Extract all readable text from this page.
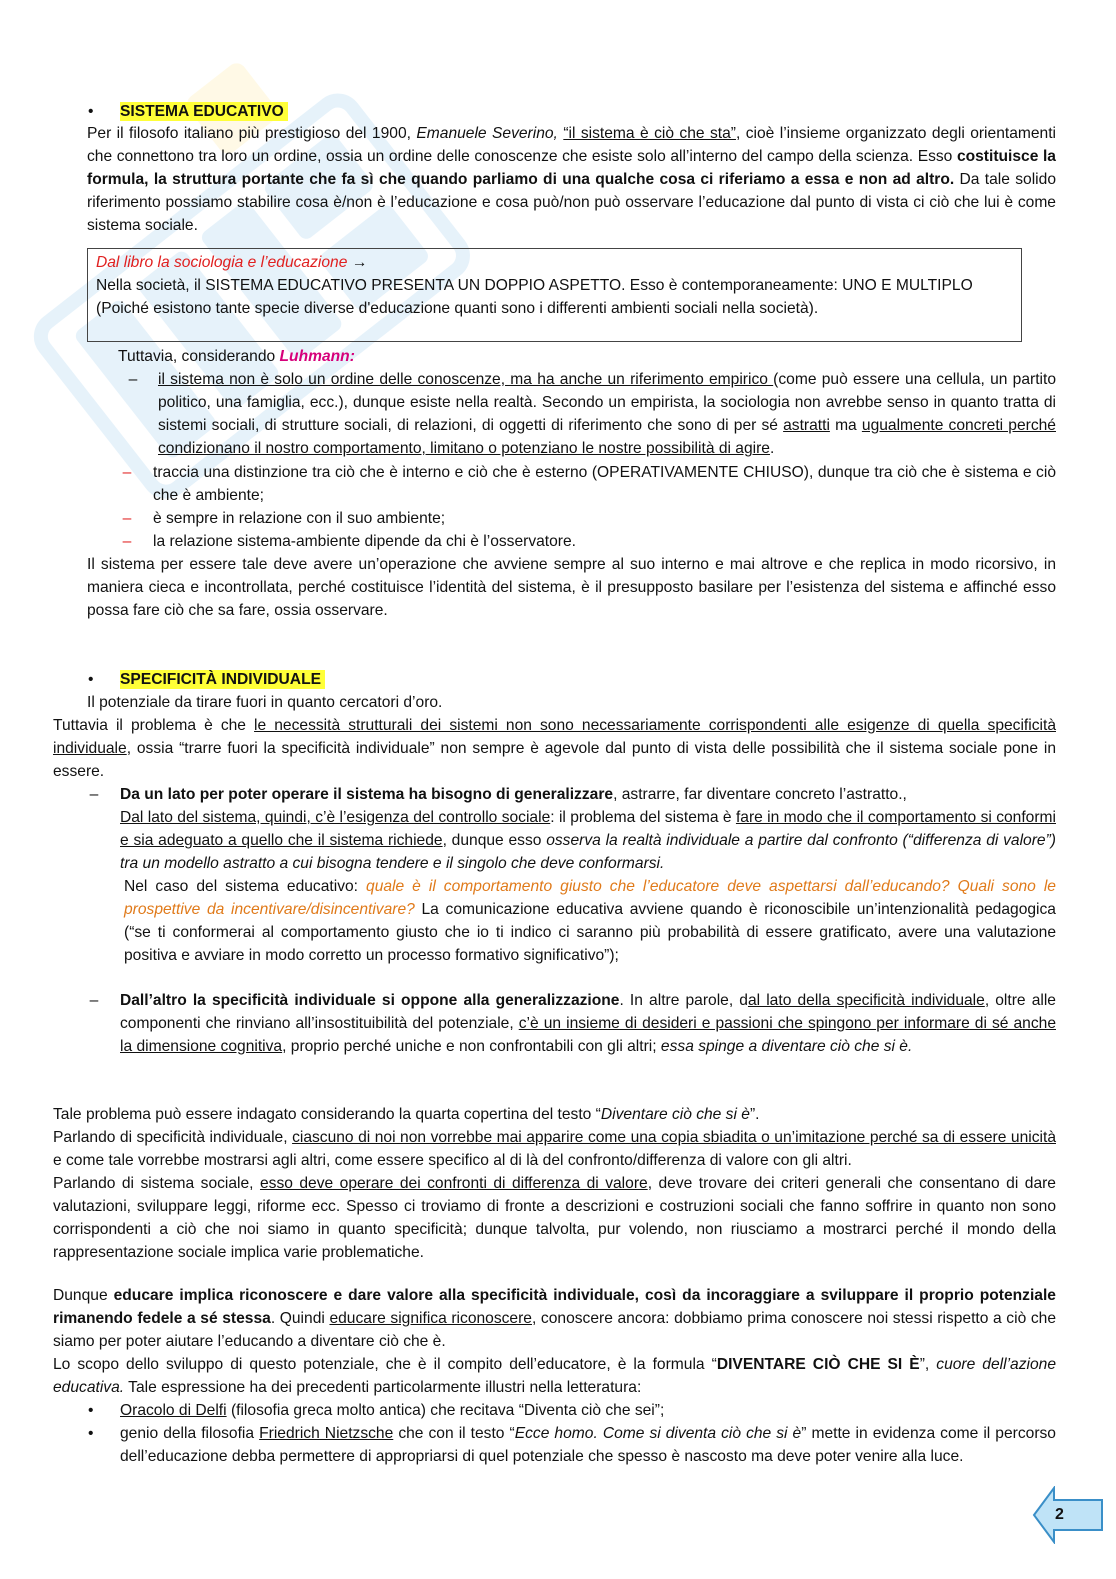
• SISTEMA EDUCATIVO
Per il filosofo italiano più prestigioso del 1900, Emanuele Severino, “il sistema è ciò che sta”, cioè l’insieme organizzato degli orientamenti che connettono tra loro un ordine, ossia un ordine delle conoscenze che esiste solo all’interno del campo della scienza. Esso costituisce la formula, la struttura portante che fa sì che quando parliamo di una qualche cosa ci riferiamo a essa e non ad altro. Da tale solido riferimento possiamo stabilire cosa è/non è l’educazione e cosa può/non può osservare l’educazione dal punto di vista ci ciò che lui è come sistema sociale.
Dal libro la sociologia e l’educazione →
Nella società, il SISTEMA EDUCATIVO PRESENTA UN DOPPIO ASPETTO. Esso è contemporaneamente: UNO E MULTIPLO
(Poiché esistono tante specie diverse d'educazione quanti sono i differenti ambienti sociali nella società).
Tuttavia, considerando Luhmann:
– il sistema non è solo un ordine delle conoscenze, ma ha anche un riferimento empirico (come può essere una cellula, un partito politico, una famiglia, ecc.), dunque esiste nella realtà. Secondo un empirista, la sociologia non avrebbe senso in quanto tratta di sistemi sociali, di strutture sociali, di relazioni, di oggetti di riferimento che sono di per sé astratti ma ugualmente concreti perché condizionano il nostro comportamento, limitano o potenziano le nostre possibilità di agire.
– traccia una distinzione tra ciò che è interno e ciò che è esterno (OPERATIVAMENTE CHIUSO), dunque tra ciò che è sistema e ciò che è ambiente;
– è sempre in relazione con il suo ambiente;
– la relazione sistema-ambiente dipende da chi è l’osservatore.
Il sistema per essere tale deve avere un’operazione che avviene sempre al suo interno e mai altrove e che replica in modo ricorsivo, in maniera cieca e incontrollata, perché costituisce l’identità del sistema, è il presupposto basilare per l’esistenza del sistema e affinché esso possa fare ciò che sa fare, ossia osservare.
• SPECIFICITÀ INDIVIDUALE
Il potenziale da tirare fuori in quanto cercatori d’oro.
Tuttavia il problema è che le necessità strutturali dei sistemi non sono necessariamente corrispondenti alle esigenze di quella specificità individuale, ossia “trarre fuori la specificità individuale” non sempre è agevole dal punto di vista delle possibilità che il sistema sociale pone in essere.
– Da un lato per poter operare il sistema ha bisogno di generalizzare, astrarre, far diventare concreto l’astratto.,
Dal lato del sistema, quindi, c’è l’esigenza del controllo sociale: il problema del sistema è fare in modo che il comportamento si conformi e sia adeguato a quello che il sistema richiede, dunque esso osserva la realtà individuale a partire dal confronto (“differenza di valore”) tra un modello astratto a cui bisogna tendere e il singolo che deve conformarsi.
Nel caso del sistema educativo: quale è il comportamento giusto che l’educatore deve aspettarsi dall’educando? Quali sono le prospettive da incentivare/disincentivare? La comunicazione educativa avviene quando è riconoscibile un’intenzionalità pedagogica (“se ti conformerai al comportamento giusto che io ti indico ci saranno più probabilità di essere gratificato, avere una valutazione positiva e avviare in modo corretto un processo formativo significativo”);
– Dall’altro la specificità individuale si oppone alla generalizzazione. In altre parole, dal lato della specificità individuale, oltre alle componenti che rinviano all’insostituibilità del potenziale, c’è un insieme di desideri e passioni che spingono per informare di sé anche la dimensione cognitiva, proprio perché uniche e non confrontabili con gli altri; essa spinge a diventare ciò che si è.
Tale problema può essere indagato considerando la quarta copertina del testo “Diventare ciò che si è”.
Parlando di specificità individuale, ciascuno di noi non vorrebbe mai apparire come una copia sbiadita o un’imitazione perché sa di essere unicità e come tale vorrebbe mostrarsi agli altri, come essere specifico al di là del confronto/differenza di valore con gli altri.
Parlando di sistema sociale, esso deve operare dei confronti di differenza di valore, deve trovare dei criteri generali che consentano di dare valutazioni, sviluppare leggi, riforme ecc. Spesso ci troviamo di fronte a descrizioni e costruzioni sociali che fanno soffrire in quanto non sono corrispondenti a ciò che noi siamo in quanto specificità; dunque talvolta, pur volendo, non riusciamo a mostrarci perché il mondo della rappresentazione sociale implica varie problematiche.
Dunque educare implica riconoscere e dare valore alla specificità individuale, così da incoraggiare a sviluppare il proprio potenziale rimanendo fedele a sé stessa. Quindi educare significa riconoscere, conoscere ancora: dobbiamo prima conoscere noi stessi rispetto a ciò che siamo per poter aiutare l’educando a diventare ciò che è.
Lo scopo dello sviluppo di questo potenziale, che è il compito dell’educatore, è la formula “DIVENTARE CIÒ CHE SI È”, cuore dell’azione educativa. Tale espressione ha dei precedenti particolarmente illustri nella letteratura:
• Oracolo di Delfi (filosofia greca molto antica) che recitava “Diventa ciò che sei”;
• genio della filosofia Friedrich Nietzsche che con il testo “Ecce homo. Come si diventa ciò che si è” mette in evidenza come il percorso dell’educazione debba permettere di appropriarsi di quel potenziale che spesso è nascosto ma deve poter venire alla luce.
2
